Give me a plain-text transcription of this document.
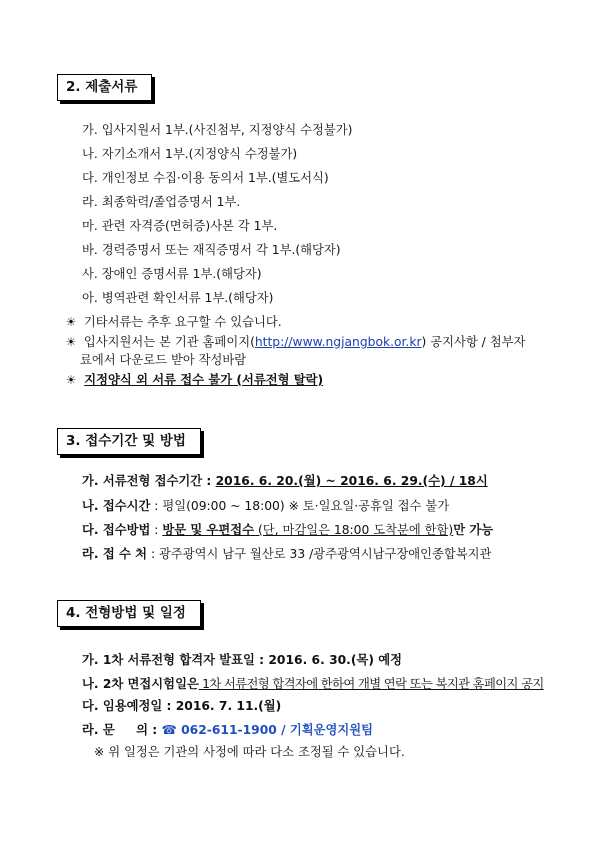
2. 제출서류
가. 입사지원서 1부.(사진첨부, 지정양식 수정불가)
나. 자기소개서 1부.(지정양식 수정불가)
다. 개인정보 수집·이용 동의서 1부.(별도서식)
라. 최종학력/졸업증명서 1부.
마. 관련 자격증(면허증)사본 각 1부.
바. 경력증명서 또는 재직증명서 각 1부.(해당자)
사. 장애인 증명서류 1부.(해당자)
아. 병역관련 확인서류 1부.(해당자)
☀ 기타서류는 추후 요구할 수 있습니다.
☀ 입사지원서는 본 기관 홈페이지(http://www.ngjangbok.or.kr) 공지사항 / 첨부자
료에서 다운로드 받아 작성바람
☀ 지정양식 외 서류 접수 불가 (서류전형 탈락)
3. 접수기간 및 방법
가. 서류전형 접수기간 : 2016. 6. 20.(월) ~ 2016. 6. 29.(수) / 18시
나. 접수시간 : 평일(09:00 ~ 18:00) ※ 토·일요일·공휴일 접수 불가
다. 접수방법 : 방문 및 우편접수 (단, 마감일은 18:00 도착분에 한함)만 가능
라. 접 수 처 : 광주광역시 남구 월산로 33 /광주광역시남구장애인종합복지관
4. 전형방법 및 일정
가. 1차 서류전형 합격자 발표일 : 2016. 6. 30.(목) 예정
나. 2차 면접시험일은 1차 서류전형 합격자에 한하여 개별 연락 또는 복지관 홈페이지 공지
다. 임용예정일 : 2016. 7. 11.(월)
라. 문     의 : ☎ 062-611-1900 / 기획운영지원팀
※ 위 일정은 기관의 사정에 따라 다소 조정될 수 있습니다.
